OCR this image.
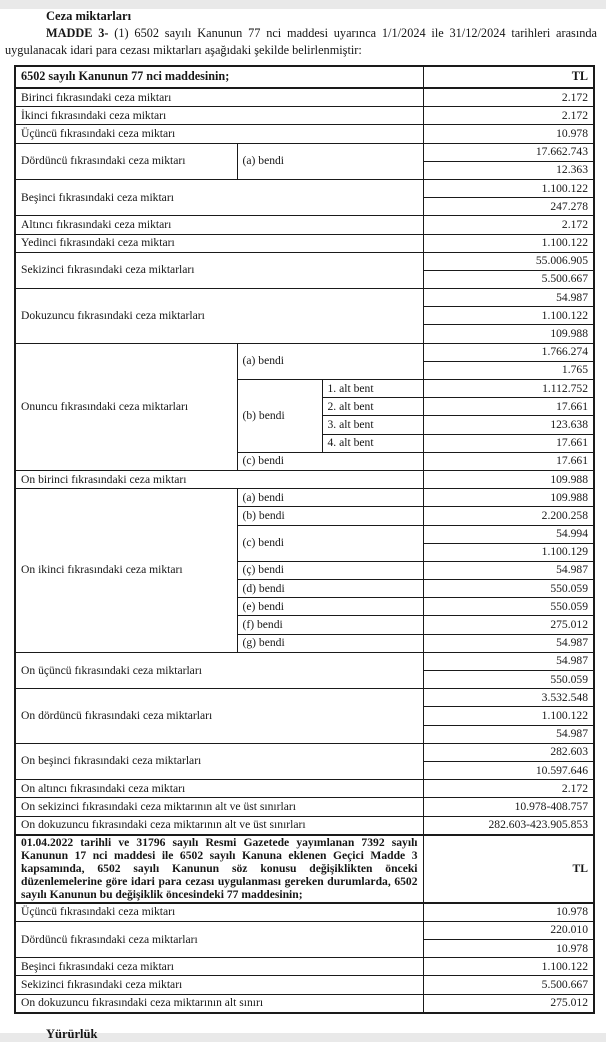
Ceza miktarları

MADDE 3- (1) 6502 sayılı Kanunun 77 nci maddesi uyarınca 1/1/2024 ile 31/12/2024 tarihleri arasında uygulanacak idari para cezası miktarları aşağıdaki şekilde belirlenmiştir:

6502 sayılı Kanunun 77 nci maddesinin;			TL
Birinci fıkrasındaki ceza miktarı			2.172
İkinci fıkrasındaki ceza miktarı			2.172
Üçüncü fıkrasındaki ceza miktarı			10.978
Dördüncü fıkrasındaki ceza miktarı	(a) bendi		17.662.743
			12.363
Beşinci fıkrasındaki ceza miktarı			1.100.122
			247.278
Altıncı fıkrasındaki ceza miktarı			2.172
Yedinci fıkrasındaki ceza miktarı			1.100.122
Sekizinci fıkrasındaki ceza miktarları			55.006.905
			5.500.667
Dokuzuncu fıkrasındaki ceza miktarları			54.987
			1.100.122
			109.988
Onuncu fıkrasındaki ceza miktarları	(a) bendi		1.766.274
			1.765
	(b) bendi	1. alt bent	1.112.752
		2. alt bent	17.661
		3. alt bent	123.638
		4. alt bent	17.661
	(c) bendi		17.661
On birinci fıkrasındaki ceza miktarı			109.988
On ikinci fıkrasındaki ceza miktarı	(a) bendi		109.988
	(b) bendi		2.200.258
	(c) bendi		54.994
			1.100.129
	(ç) bendi		54.987
	(d) bendi		550.059
	(e) bendi		550.059
	(f) bendi		275.012
	(g) bendi		54.987
On üçüncü fıkrasındaki ceza miktarları			54.987
			550.059
On dördüncü fıkrasındaki ceza miktarları			3.532.548
			1.100.122
			54.987
On beşinci fıkrasındaki ceza miktarları			282.603
			10.597.646
On altıncı fıkrasındaki ceza miktarı			2.172
On sekizinci fıkrasındaki ceza miktarının alt ve üst sınırları			10.978-408.757
On dokuzuncu fıkrasındaki ceza miktarının alt ve üst sınırları			282.603-423.905.853
01.04.2022 tarihli ve 31796 sayılı Resmi Gazetede yayımlanan 7392 sayılı Kanunun 17 nci maddesi ile 6502 sayılı Kanuna eklenen Geçici Madde 3 kapsamında, 6502 sayılı Kanunun söz konusu değişiklikten önceki düzenlemelerine göre idari para cezası uygulanması gereken durumlarda, 6502 sayılı Kanunun bu değişiklik öncesindeki 77 maddesinin;			TL
Üçüncü fıkrasındaki ceza miktarı			10.978
Dördüncü fıkrasındaki ceza miktarları			220.010
			10.978
Beşinci fıkrasındaki ceza miktarı			1.100.122
Sekizinci fıkrasındaki ceza miktarı			5.500.667
On dokuzuncu fıkrasındaki ceza miktarının alt sınırı			275.012
Yürürlük
